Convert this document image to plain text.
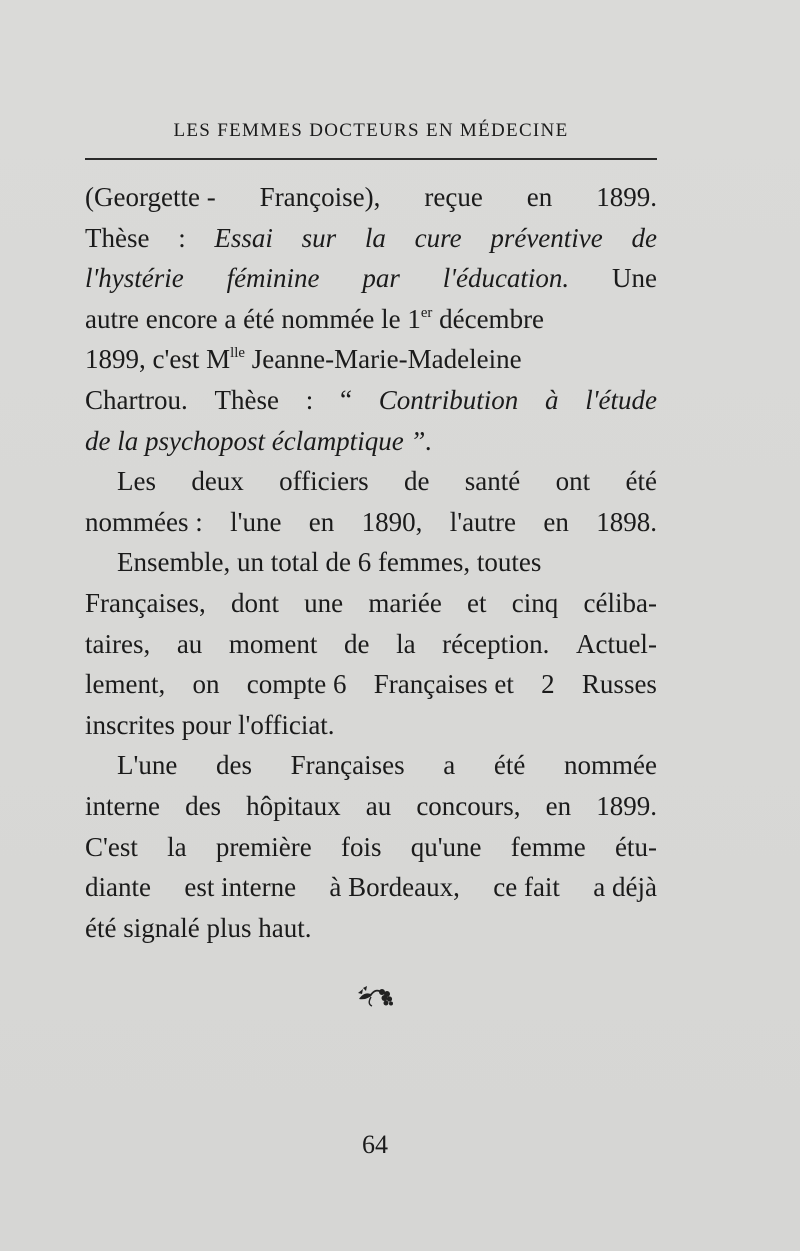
LES FEMMES DOCTEURS EN MÉDECINE
(Georgette - Françoise), reçue en 1899.
Thèse : Essai sur la cure préventive de
l'hystérie féminine par l'éducation. Une
autre encore a été nommée le 1er décembre
1899, c'est $M^{lle}$ Jeanne-Marie-Madeleine
Chartrou. Thèse : “ Contribution à l'étude
de la psychopost éclamptique ”.
Les deux officiers de santé ont été
nommées : l'une en 1890, l'autre en 1898.
Ensemble, un total de 6 femmes, toutes
Françaises, dont une mariée et cinq céliba-
taires, au moment de la réception. Actuel-
lement, on compte 6 Françaises et 2 Russes
inscrites pour l'officiat.
L'une des Françaises a été nommée
interne des hôpitaux au concours, en 1899.
C'est la première fois qu'une femme étu-
diante est interne à Bordeaux, ce fait a déjà
été signalé plus haut.
64
